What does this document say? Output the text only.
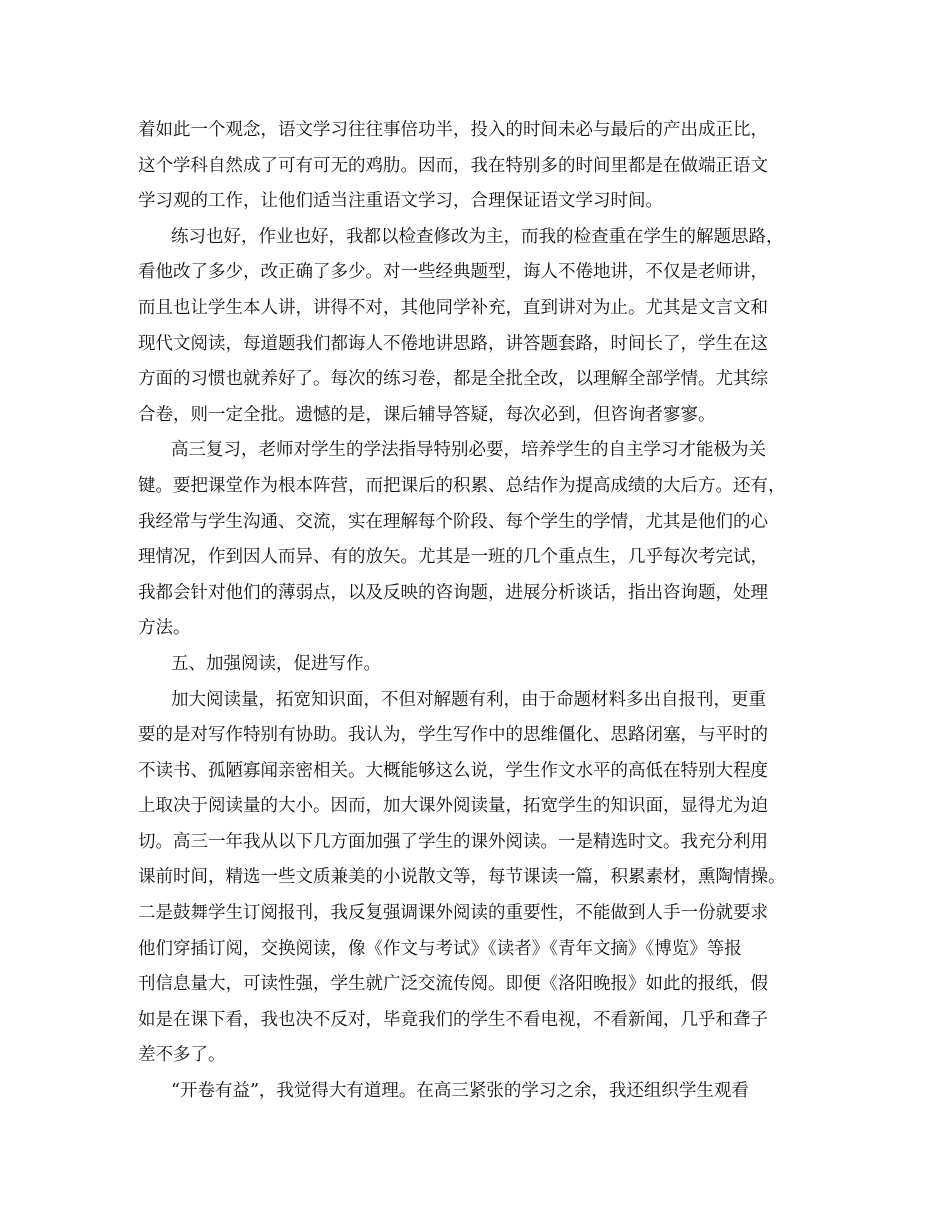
着如此一个观念，语文学习往往事倍功半，投入的时间未必与最后的产出成正比，
这个学科自然成了可有可无的鸡肋。因而，我在特别多的时间里都是在做端正语文
学习观的工作，让他们适当注重语文学习，合理保证语文学习时间。
练习也好，作业也好，我都以检查修改为主，而我的检查重在学生的解题思路，
看他改了多少，改正确了多少。对一些经典题型，诲人不倦地讲，不仅是老师讲，
而且也让学生本人讲，讲得不对，其他同学补充，直到讲对为止。尤其是文言文和
现代文阅读，每道题我们都诲人不倦地讲思路，讲答题套路，时间长了，学生在这
方面的习惯也就养好了。每次的练习卷，都是全批全改，以理解全部学情。尤其综
合卷，则一定全批。遗憾的是，课后辅导答疑，每次必到，但咨询者寥寥。
高三复习，老师对学生的学法指导特别必要，培养学生的自主学习才能极为关
键。要把课堂作为根本阵营，而把课后的积累、总结作为提高成绩的大后方。还有，
我经常与学生沟通、交流，实在理解每个阶段、每个学生的学情，尤其是他们的心
理情况，作到因人而异、有的放矢。尤其是一班的几个重点生，几乎每次考完试，
我都会针对他们的薄弱点，以及反映的咨询题，进展分析谈话，指出咨询题，处理
方法。
五、加强阅读，促进写作。
加大阅读量，拓宽知识面，不但对解题有利，由于命题材料多出自报刊，更重
要的是对写作特别有协助。我认为，学生写作中的思维僵化、思路闭塞，与平时的
不读书、孤陋寡闻亲密相关。大概能够这么说，学生作文水平的高低在特别大程度
上取决于阅读量的大小。因而，加大课外阅读量，拓宽学生的知识面，显得尤为迫
切。高三一年我从以下几方面加强了学生的课外阅读。一是精选时文。我充分利用
课前时间，精选一些文质兼美的小说散文等，每节课读一篇，积累素材，熏陶情操。
二是鼓舞学生订阅报刊，我反复强调课外阅读的重要性，不能做到人手一份就要求
他们穿插订阅，交换阅读，像《作文与考试》《读者》《青年文摘》《博览》等报
刊信息量大，可读性强，学生就广泛交流传阅。即便《洛阳晚报》如此的报纸，假
如是在课下看，我也决不反对，毕竟我们的学生不看电视，不看新闻，几乎和聋子
差不多了。
“开卷有益”，我觉得大有道理。在高三紧张的学习之余，我还组织学生观看
